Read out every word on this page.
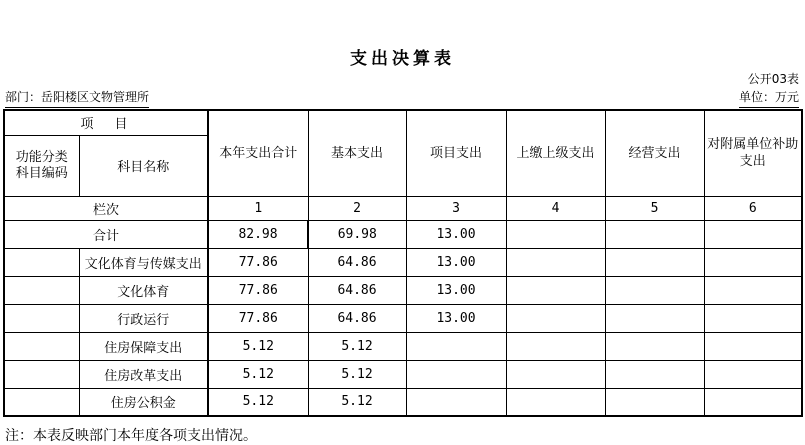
支出决算表
公开03表
部门：岳阳楼区文物管理所	单位：万元
项　目		本年支出合计	基本支出	项目支出	上缴上级支出	经营支出	对附属单位补助支出

功能分类
科目编码	科目名称						
栏次		1	2	3	4	5	6
合计		82.98	69.98	13.00			
	文化体育与传媒支出	77.86	64.86	13.00			
	文化体育	77.86	64.86	13.00			
	行政运行	77.86	64.86	13.00			
	住房保障支出	5.12	5.12				
	住房改革支出	5.12	5.12				
	住房公积金	5.12	5.12				
注：本表反映部门本年度各项支出情况。
